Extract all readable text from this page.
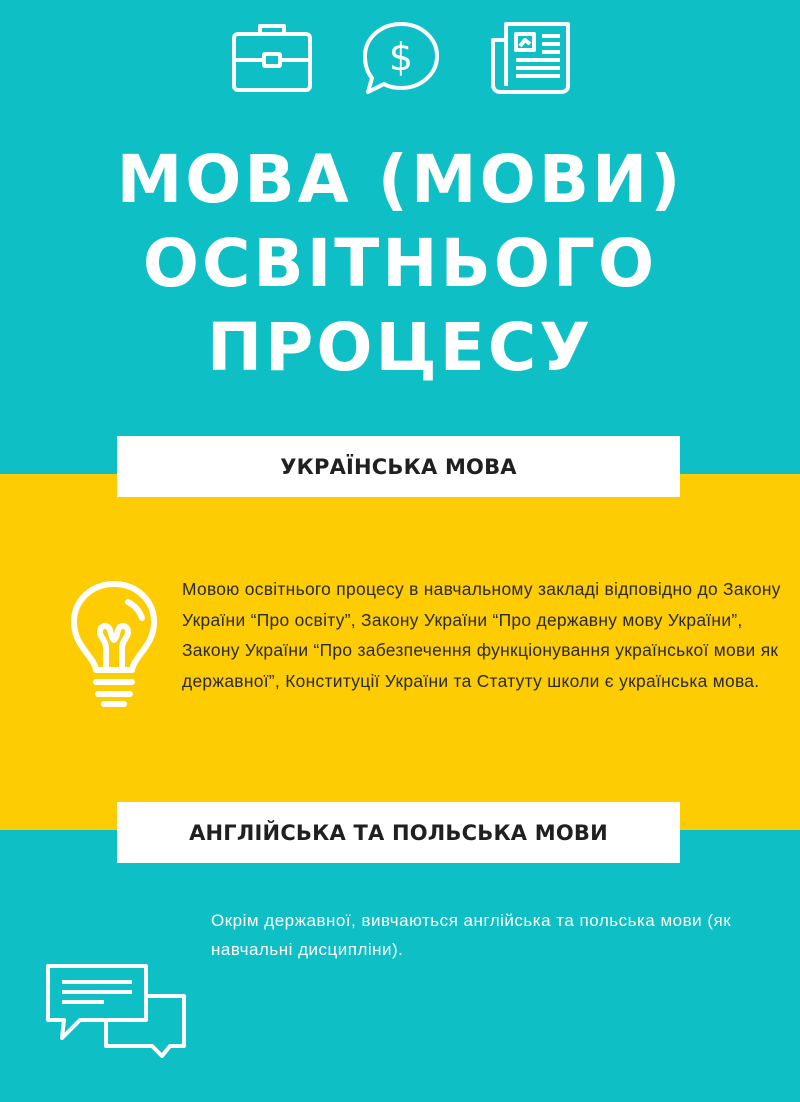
$
МОВА (МОВИ)
ОСВІТНЬОГО
ПРОЦЕСУ
УКРАЇНСЬКА МОВА
Мовою освітнього процесу в навчальному закладі відповідно до Закону України “Про освіту”, Закону України “Про державну мову України”, Закону України “Про забезпечення функціонування української мови як державної”, Конституції України та Статуту школи є українська мова.
АНГЛІЙСЬКА ТА ПОЛЬСЬКА МОВИ
Окрім державної, вивчаються англійська та польська мови (як навчальні дисципліни).
